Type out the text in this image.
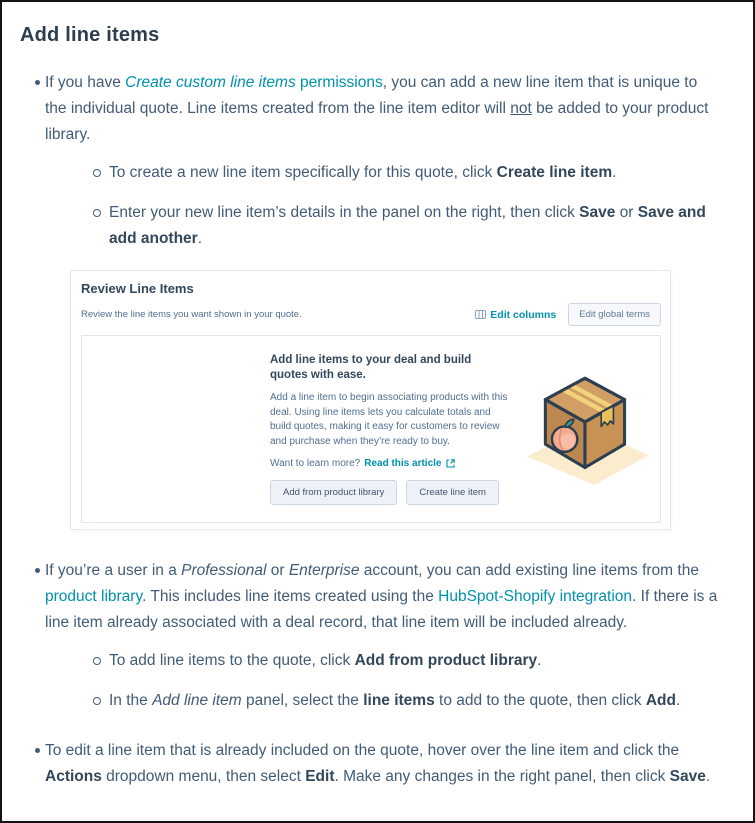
Add line items

If you have Create custom line items permissions, you can add a new line item that is unique to the individual quote. Line items created from the line item editor will not be added to your product library.

To create a new line item specifically for this quote, click Create line item.

Enter your new line item’s details in the panel on the right, then click Save or Save and add another.

Review Line Items
Review the line items you want shown in your quote.	Edit columns	Edit global terms
Add line items to your deal and build quotes with ease.

Add a line item to begin associating products with this deal. Using line items lets you calculate totals and build quotes, making it easy for customers to review and purchase when they’re ready to buy.

Want to learn more? Read this article

Add from product library	Create line item

If you’re a user in a Professional or Enterprise account, you can add existing line items from the product library. This includes line items created using the HubSpot-Shopify integration. If there is a line item already associated with a deal record, that line item will be included already.

To add line items to the quote, click Add from product library.

In the Add line item panel, select the line items to add to the quote, then click Add.

To edit a line item that is already included on the quote, hover over the line item and click the Actions dropdown menu, then select Edit. Make any changes in the right panel, then click Save.
